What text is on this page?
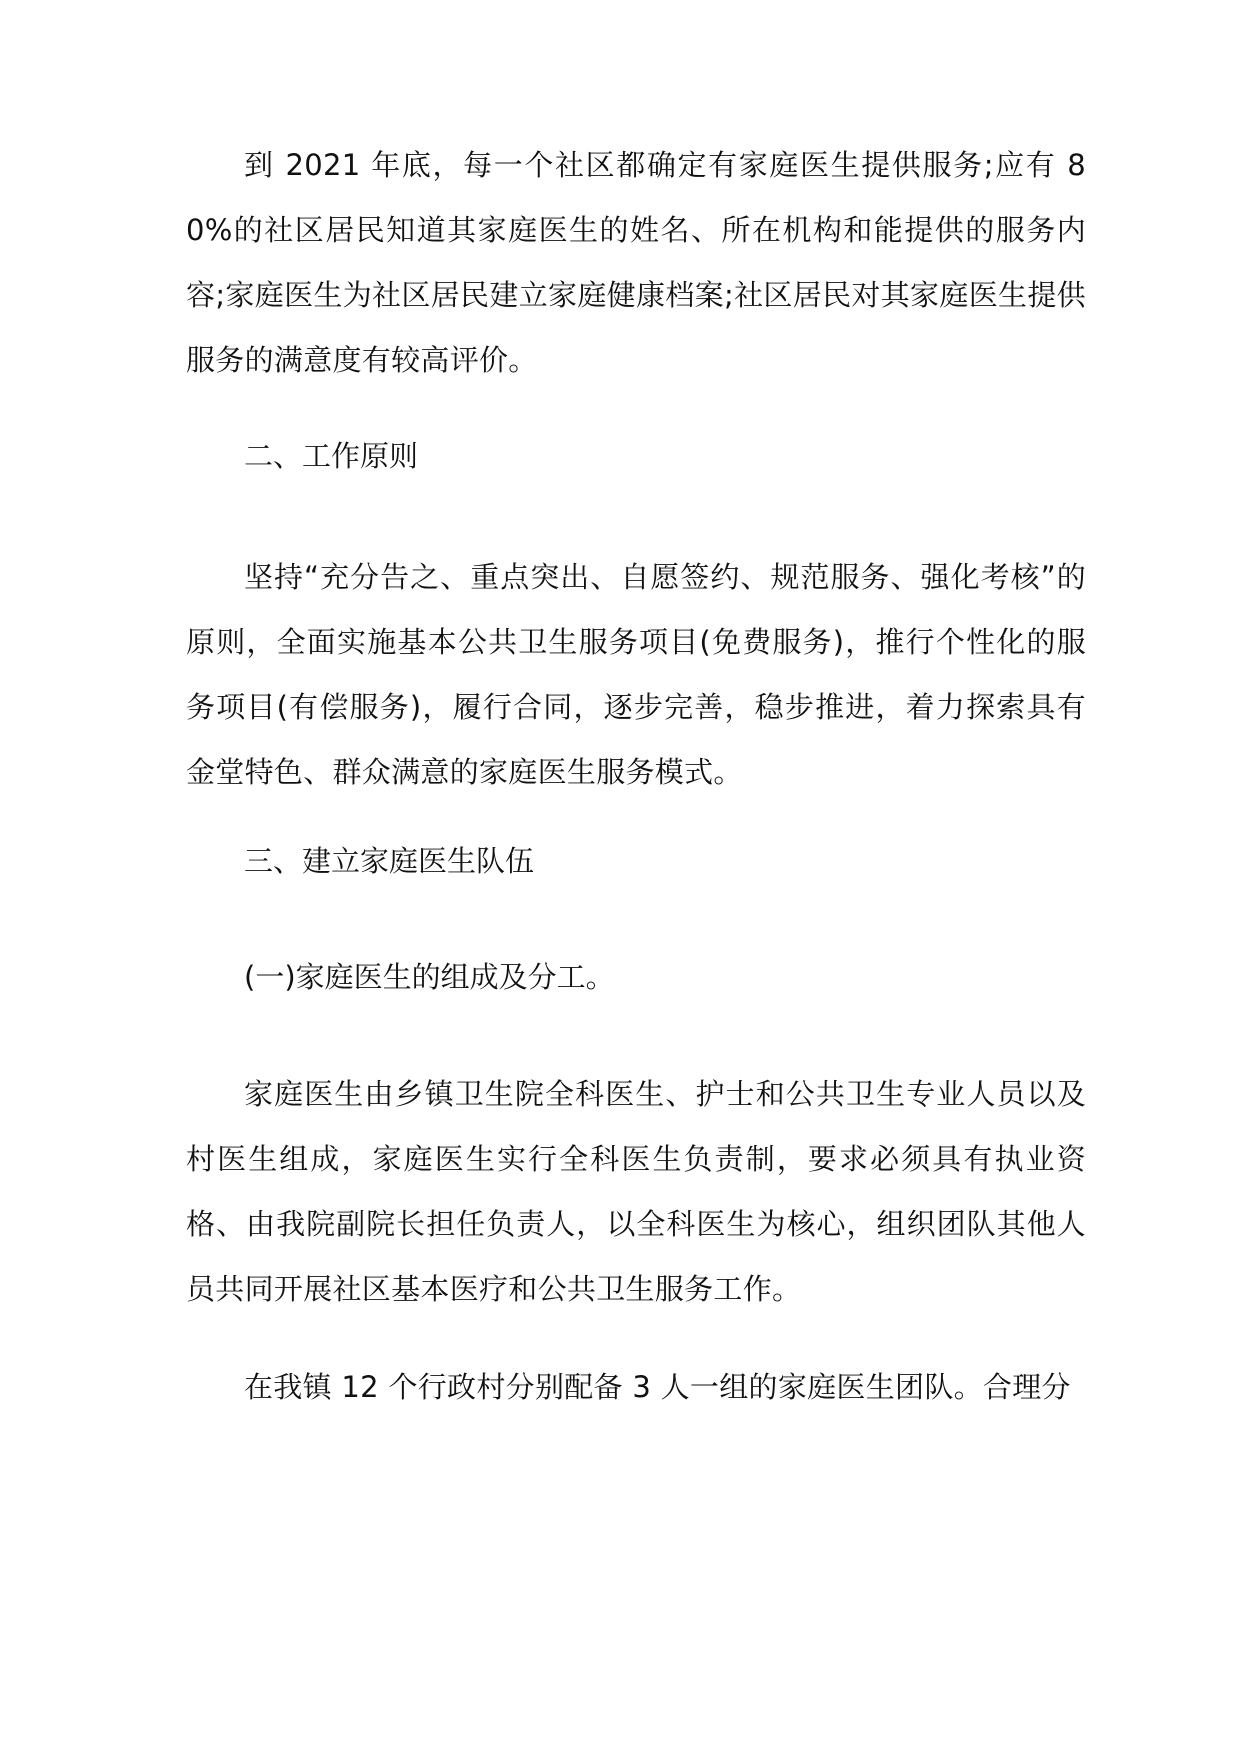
到 2021 年底，每一个社区都确定有家庭医生提供服务;应有 80%的社区居民知道其家庭医生的姓名、所在机构和能提供的服务内容;家庭医生为社区居民建立家庭健康档案;社区居民对其家庭医生提供服务的满意度有较高评价。

二、工作原则

坚持“充分告之、重点突出、自愿签约、规范服务、强化考核”的原则，全面实施基本公共卫生服务项目(免费服务)，推行个性化的服务项目(有偿服务)，履行合同，逐步完善，稳步推进，着力探索具有金堂特色、群众满意的家庭医生服务模式。

三、建立家庭医生队伍

(一)家庭医生的组成及分工。

家庭医生由乡镇卫生院全科医生、护士和公共卫生专业人员以及村医生组成，家庭医生实行全科医生负责制，要求必须具有执业资格、由我院副院长担任负责人，以全科医生为核心，组织团队其他人员共同开展社区基本医疗和公共卫生服务工作。

在我镇 12 个行政村分别配备 3 人一组的家庭医生团队。合理分
